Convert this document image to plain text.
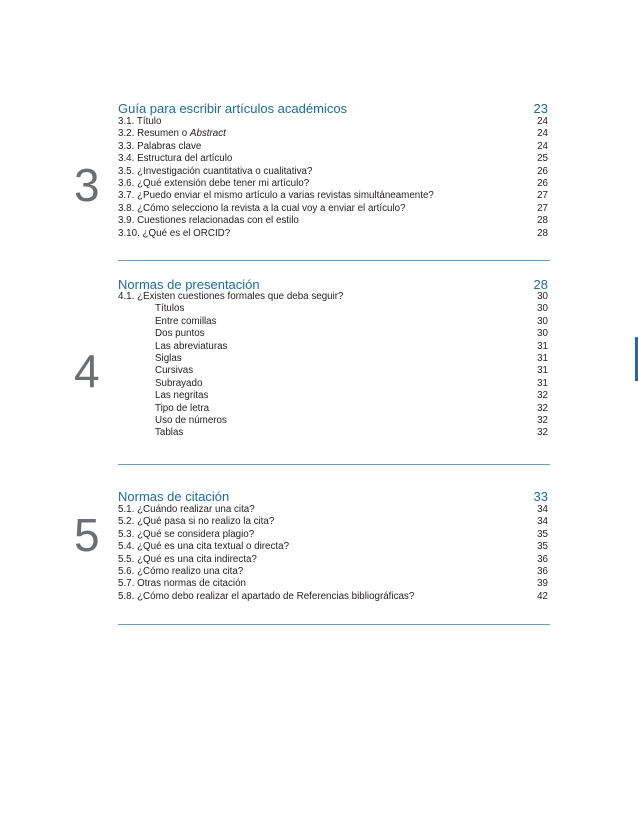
3
Guía para escribir artículos académicos	23
3.1. Título	24
3.2. Resumen o Abstract	24
3.3. Palabras clave	24
3.4. Estructura del artículo	25
3.5. ¿Investigación cuantitativa o cualitativa?	26
3.6. ¿Qué extensión debe tener mi artículo?	26
3.7. ¿Puedo enviar el mismo artículo a varias revistas simultáneamente?	27
3.8. ¿Cómo selecciono la revista a la cual voy a enviar el artículo?	27
3.9. Cuestiones relacionadas con el estilo	28
3.10. ¿Qué es el ORCID?	28
4
Normas de presentación	28
4.1. ¿Existen cuestiones formales que deba seguir?	30
Títulos	30
Entre comillas	30
Dos puntos	30
Las abreviaturas	31
Siglas	31
Cursivas	31
Subrayado	31
Las negritas	32
Tipo de letra	32
Uso de números	32
Tablas	32
5
Normas de citación	33
5.1. ¿Cuándo realizar una cita?	34
5.2. ¿Qué pasa si no realizo la cita?	34
5.3. ¿Qué se considera plagio?	35
5.4. ¿Qué es una cita textual o directa?	35
5.5. ¿Qué es una cita indirecta?	36
5.6. ¿Cómo realizo una cita?	36
5.7. Otras normas de citación	39
5.8. ¿Cómo debo realizar el apartado de Referencias bibliográficas?	42
